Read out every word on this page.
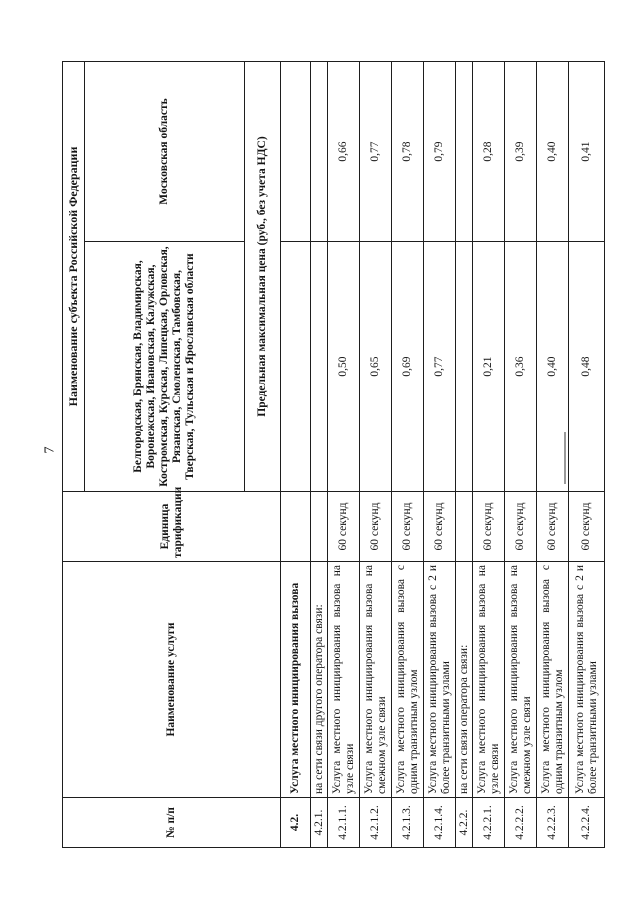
7
№ п/п	Наименование услуги	Единица тарификации	Наименование субъекта Российской Федерации	
			Белгородская, Брянская, Владимирская, Воронежская, Ивановская, Калужская, Костромская, Курская, Липецкая, Орловская, Рязанская, Смоленская, Тамбовская, Тверская, Тульская и Ярославская области	Московская область
			Предельная максимальная цена (руб., без учета НДС)	
4.2.	Услуга местного инициирования вызова			
4.2.1.	на сети связи другого оператора связи:			
4.2.1.1.	Услуга местного инициирования вызова на узле связи	60 секунд	0,50	0,66
4.2.1.2.	Услуга местного инициирования вызова на смежном узле связи	60 секунд	0,65	0,77
4.2.1.3.	Услуга местного инициирования вызова с одним транзитным узлом	60 секунд	0,69	0,78
4.2.1.4.	Услуга местного инициирования вызова с 2 и более транзитными узлами	60 секунд	0,77	0,79
4.2.2.	на сети связи оператора связи:			
4.2.2.1.	Услуга местного инициирования вызова на узле связи	60 секунд	0,21	0,28
4.2.2.2.	Услуга местного инициирования вызова на смежном узле связи	60 секунд	0,36	0,39
4.2.2.3.	Услуга местного инициирования вызова с одним транзитным узлом	60 секунд	0,40	0,40
4.2.2.4.	Услуга местного инициирования вызова с 2 и более транзитными узлами	60 секунд	0,48	0,41
